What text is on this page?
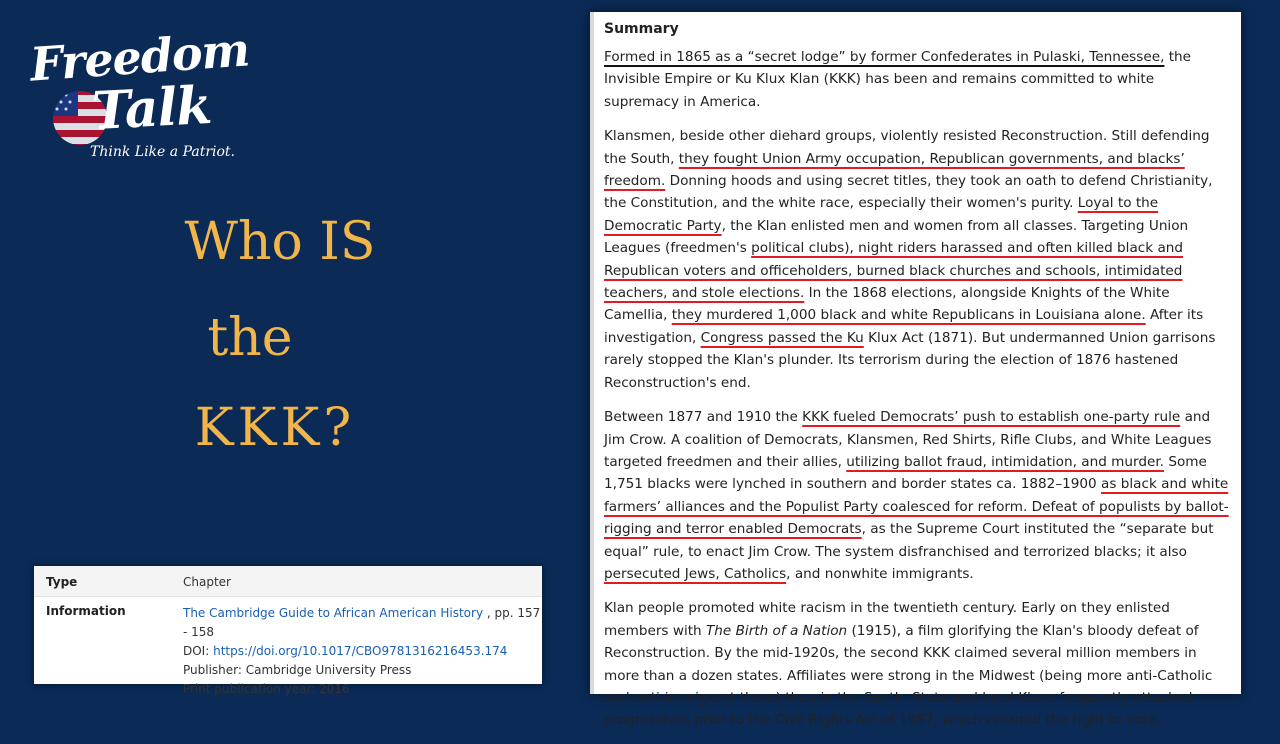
Freedom
Talk
Think Like a Patriot.
Who IS
the
KKK?
Type	Chapter
Information	The Cambridge Guide to African American History , pp. 157 - 158
DOI: https://doi.org/10.1017/CBO9781316216453.174
Publisher: Cambridge University Press
Print publication year: 2016
Summary

Formed in 1865 as a “secret lodge” by former Confederates in Pulaski, Tennessee, the Invisible Empire or Ku Klux Klan (KKK) has been and remains committed to white supremacy in America.

Klansmen, beside other diehard groups, violently resisted Reconstruction. Still defending the South, they fought Union Army occupation, Republican governments, and blacks’ freedom. Donning hoods and using secret titles, they took an oath to defend Christianity, the Constitution, and the white race, especially their women's purity. Loyal to the Democratic Party, the Klan enlisted men and women from all classes. Targeting Union Leagues (freedmen's political clubs), night riders harassed and often killed black and Republican voters and officeholders, burned black churches and schools, intimidated teachers, and stole elections. In the 1868 elections, alongside Knights of the White Camellia, they murdered 1,000 black and white Republicans in Louisiana alone. After its investigation, Congress passed the Ku Klux Act (1871). But undermanned Union garrisons rarely stopped the Klan's plunder. Its terrorism during the election of 1876 hastened Reconstruction's end.

Between 1877 and 1910 the KKK fueled Democrats’ push to establish one-party rule and Jim Crow. A coalition of Democrats, Klansmen, Red Shirts, Rifle Clubs, and White Leagues targeted freedmen and their allies, utilizing ballot fraud, intimidation, and murder. Some 1,751 blacks were lynched in southern and border states ca. 1882–1900 as black and white farmers’ alliances and the Populist Party coalesced for reform. Defeat of populists by ballot-rigging and terror enabled Democrats, as the Supreme Court instituted the “separate but equal” rule, to enact Jim Crow. The system disfranchised and terrorized blacks; it also persecuted Jews, Catholics, and nonwhite immigrants.

Klan people promoted white racism in the twentieth century. Early on they enlisted members with The Birth of a Nation (1915), a film glorifying the Klan's bloody defeat of Reconstruction. By the mid-1920s, the second KKK claimed several million members in more than a dozen states. Affiliates were strong in the Midwest (being more anti-Catholic and anti-immigrant there) than in the South. State and local Klans frequently attacked progressives prior to the Civil Rights Act of 1957, which ensured the right to vote.
